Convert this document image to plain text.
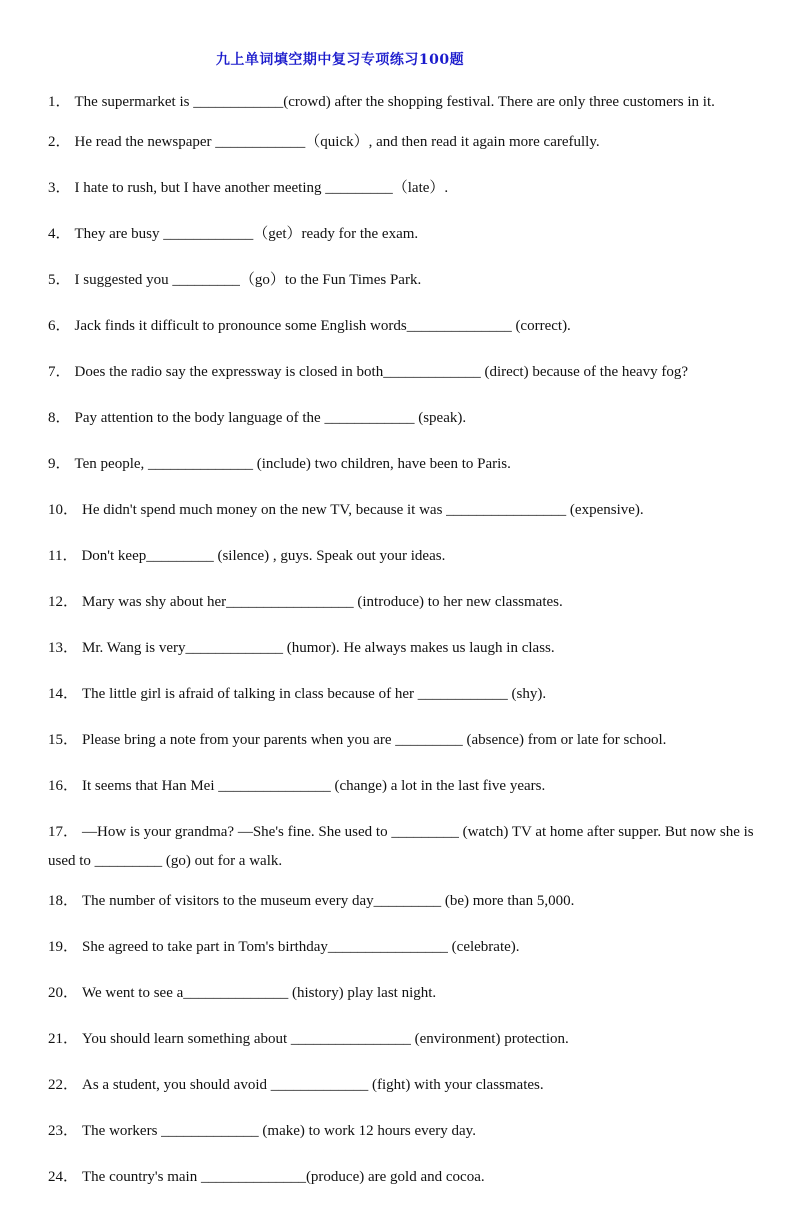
九上单词填空期中复习专项练习100题
1． The supermarket is ____________(crowd) after the shopping festival. There are only three customers in it.
2． He read the newspaper ____________（quick）, and then read it again more carefully.
3． I hate to rush, but I have another meeting _________（late）.
4． They are busy ____________（get）ready for the exam.
5． I suggested you _________（go）to the Fun Times Park.
6． Jack finds it difficult to pronounce some English words______________ (correct).
7． Does the radio say the expressway is closed in both_____________ (direct) because of the heavy fog?
8． Pay attention to the body language of the ____________ (speak).
9． Ten people, ______________ (include) two children, have been to Paris.
10． He didn't spend much money on the new TV, because it was ________________ (expensive).
11． Don't keep_________ (silence) , guys. Speak out your ideas.
12． Mary was shy about her_________________ (introduce) to her new classmates.
13． Mr. Wang is very_____________ (humor). He always makes us laugh in class.
14． The little girl is afraid of talking in class because of her ____________ (shy).
15． Please bring a note from your parents when you are _________ (absence) from or late for school.
16． It seems that Han Mei _______________ (change) a lot in the last five years.
17． —How is your grandma? —She's fine. She used to _________ (watch) TV at home after supper. But now she is used to _________ (go) out for a walk.
18． The number of visitors to the museum every day_________ (be) more than 5,000.
19． She agreed to take part in Tom's birthday________________ (celebrate).
20． We went to see a______________ (history) play last night.
21． You should learn something about ________________ (environment) protection.
22． As a student, you should avoid _____________ (fight) with your classmates.
23． The workers _____________ (make) to work 12 hours every day.
24． The country's main ______________(produce) are gold and cocoa.
